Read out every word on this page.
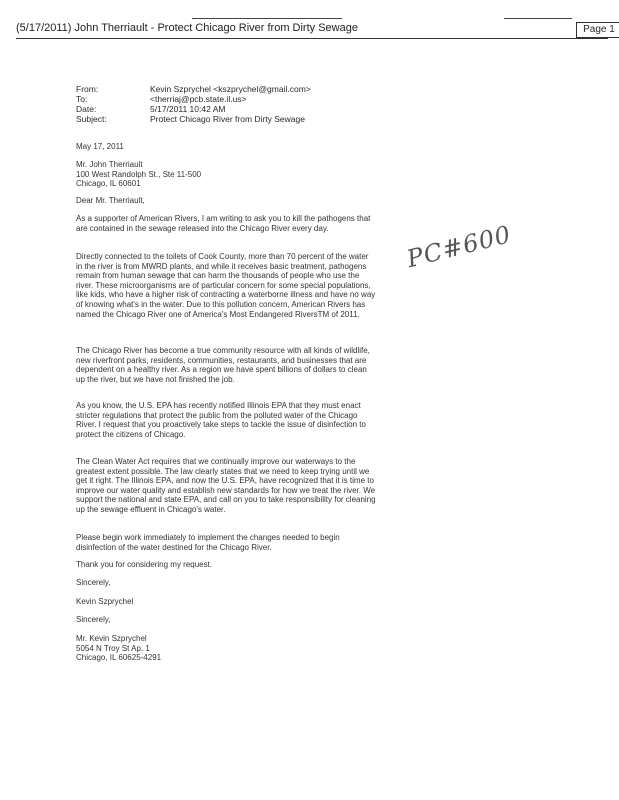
(5/17/2011) John Therriault - Protect Chicago River from Dirty Sewage	Page 1
From:	Kevin Szprychel <kszprychel@gmail.com>
To:	<therriaj@pcb.state.il.us>
Date:	5/17/2011 10:42 AM
Subject:	Protect Chicago River from Dirty Sewage
May 17, 2011
Mr. John Therriault
100 West Randolph St., Ste 11-500
Chicago, IL 60601
Dear Mr. Therriault,

As a supporter of American Rivers, I am writing to ask you to kill the pathogens that are contained in the sewage released into the Chicago River every day.

Directly connected to the toilets of Cook County, more than 70 percent of the water in the river is from MWRD plants, and while it receives basic treatment, pathogens remain from human sewage that can harm the thousands of people who use the river. These microorganisms are of particular concern for some special populations, like kids, who have a higher risk of contracting a waterborne illness and have no way of knowing what's in the water. Due to this pollution concern, American Rivers has named the Chicago River one of America's Most Endangered RiversTM of 2011.

The Chicago River has become a true community resource with all kinds of wildlife, new riverfront parks, residents, communities, restaurants, and businesses that are dependent on a healthy river. As a region we have spent billions of dollars to clean up the river, but we have not finished the job.

As you know, the U.S. EPA has recently notified Illinois EPA that they must enact stricter regulations that protect the public from the polluted water of the Chicago River. I request that you proactively take steps to tackle the issue of disinfection to protect the citizens of Chicago.

The Clean Water Act requires that we continually improve our waterways to the greatest extent possible. The law clearly states that we need to keep trying until we get it right. The Illinois EPA, and now the U.S. EPA, have recognized that it is time to improve our water quality and establish new standards for how we treat the river. We support the national and state EPA, and call on you to take responsibility for cleaning up the sewage effluent in Chicago's water.

Please begin work immediately to implement the changes needed to begin disinfection of the water destined for the Chicago River.

Thank you for considering my request.

Sincerely,
Kevin Szprychel
Sincerely,
Mr. Kevin Szprychel
5054 N Troy St Ap. 1
Chicago, IL 60625-4291
PC#600
